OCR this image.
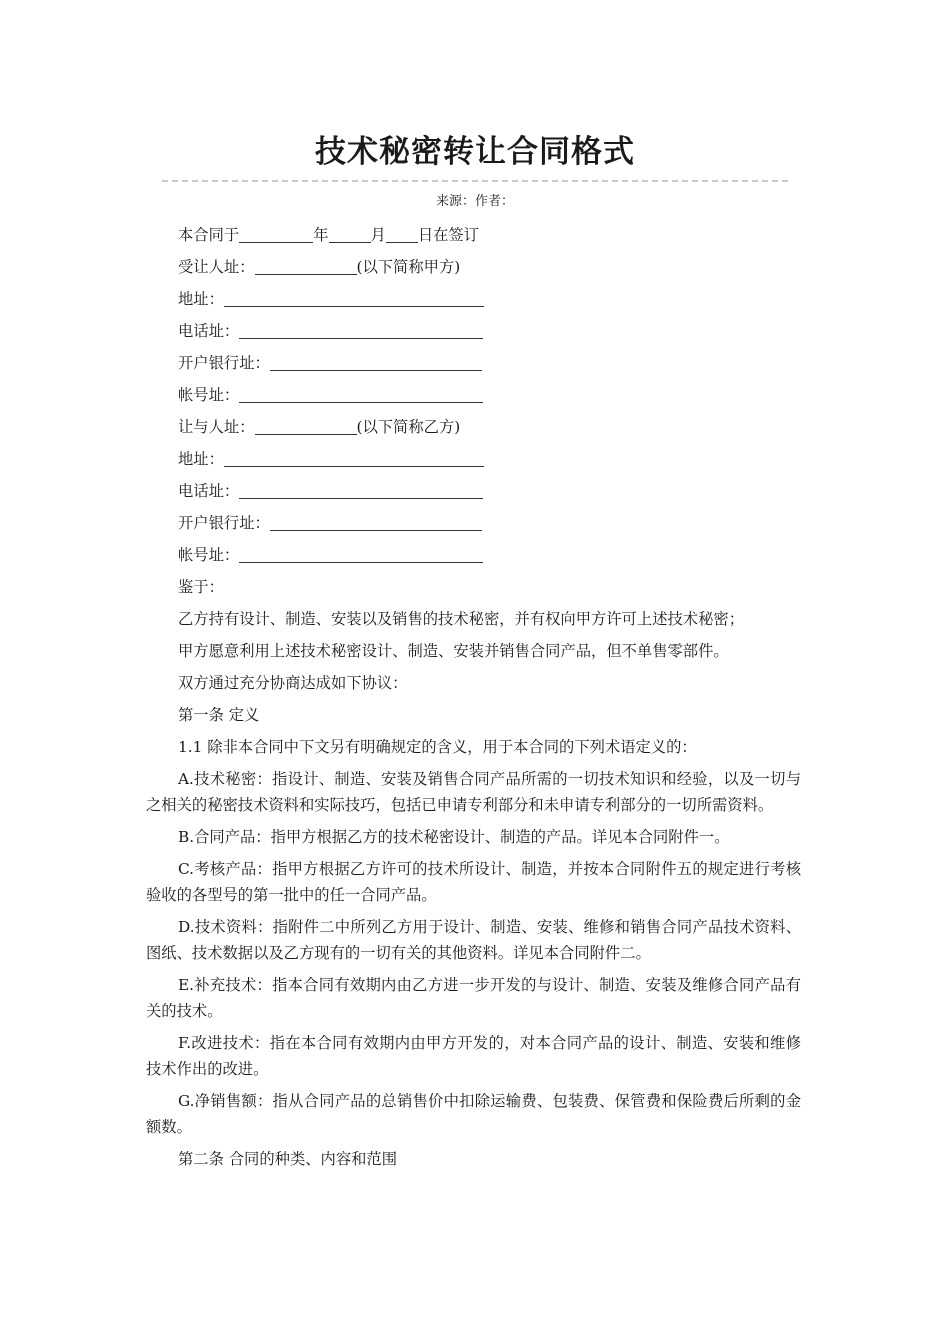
技术秘密转让合同格式
来源：作者：
本合同于	年	月 日在签订
受让人址：	(以下简称甲方)
地址：
电话址：
开户银行址：
帐号址：
让与人址：	(以下简称乙方)
地址：
电话址：
开户银行址：
帐号址：
鉴于：

乙方持有设计、制造、安装以及销售的技术秘密，并有权向甲方许可上述技术秘密；

甲方愿意利用上述技术秘密设计、制造、安装并销售合同产品，但不单售零部件。

双方通过充分协商达成如下协议：

第一条 定义

1.1 除非本合同中下文另有明确规定的含义，用于本合同的下列术语定义的：

A.技术秘密：指设计、制造、安装及销售合同产品所需的一切技术知识和经验，以及一切与之相关的秘密技术资料和实际技巧，包括已申请专利部分和未申请专利部分的一切所需资料。

B.合同产品：指甲方根据乙方的技术秘密设计、制造的产品。详见本合同附件一。

C.考核产品：指甲方根据乙方许可的技术所设计、制造，并按本合同附件五的规定进行考核验收的各型号的第一批中的任一合同产品。

D.技术资料：指附件二中所列乙方用于设计、制造、安装、维修和销售合同产品技术资料、图纸、技术数据以及乙方现有的一切有关的其他资料。详见本合同附件二。

E.补充技术：指本合同有效期内由乙方进一步开发的与设计、制造、安装及维修合同产品有关的技术。

F.改进技术：指在本合同有效期内由甲方开发的，对本合同产品的设计、制造、安装和维修技术作出的改进。

G.净销售额：指从合同产品的总销售价中扣除运输费、包装费、保管费和保险费后所剩的金额数。

第二条 合同的种类、内容和范围
